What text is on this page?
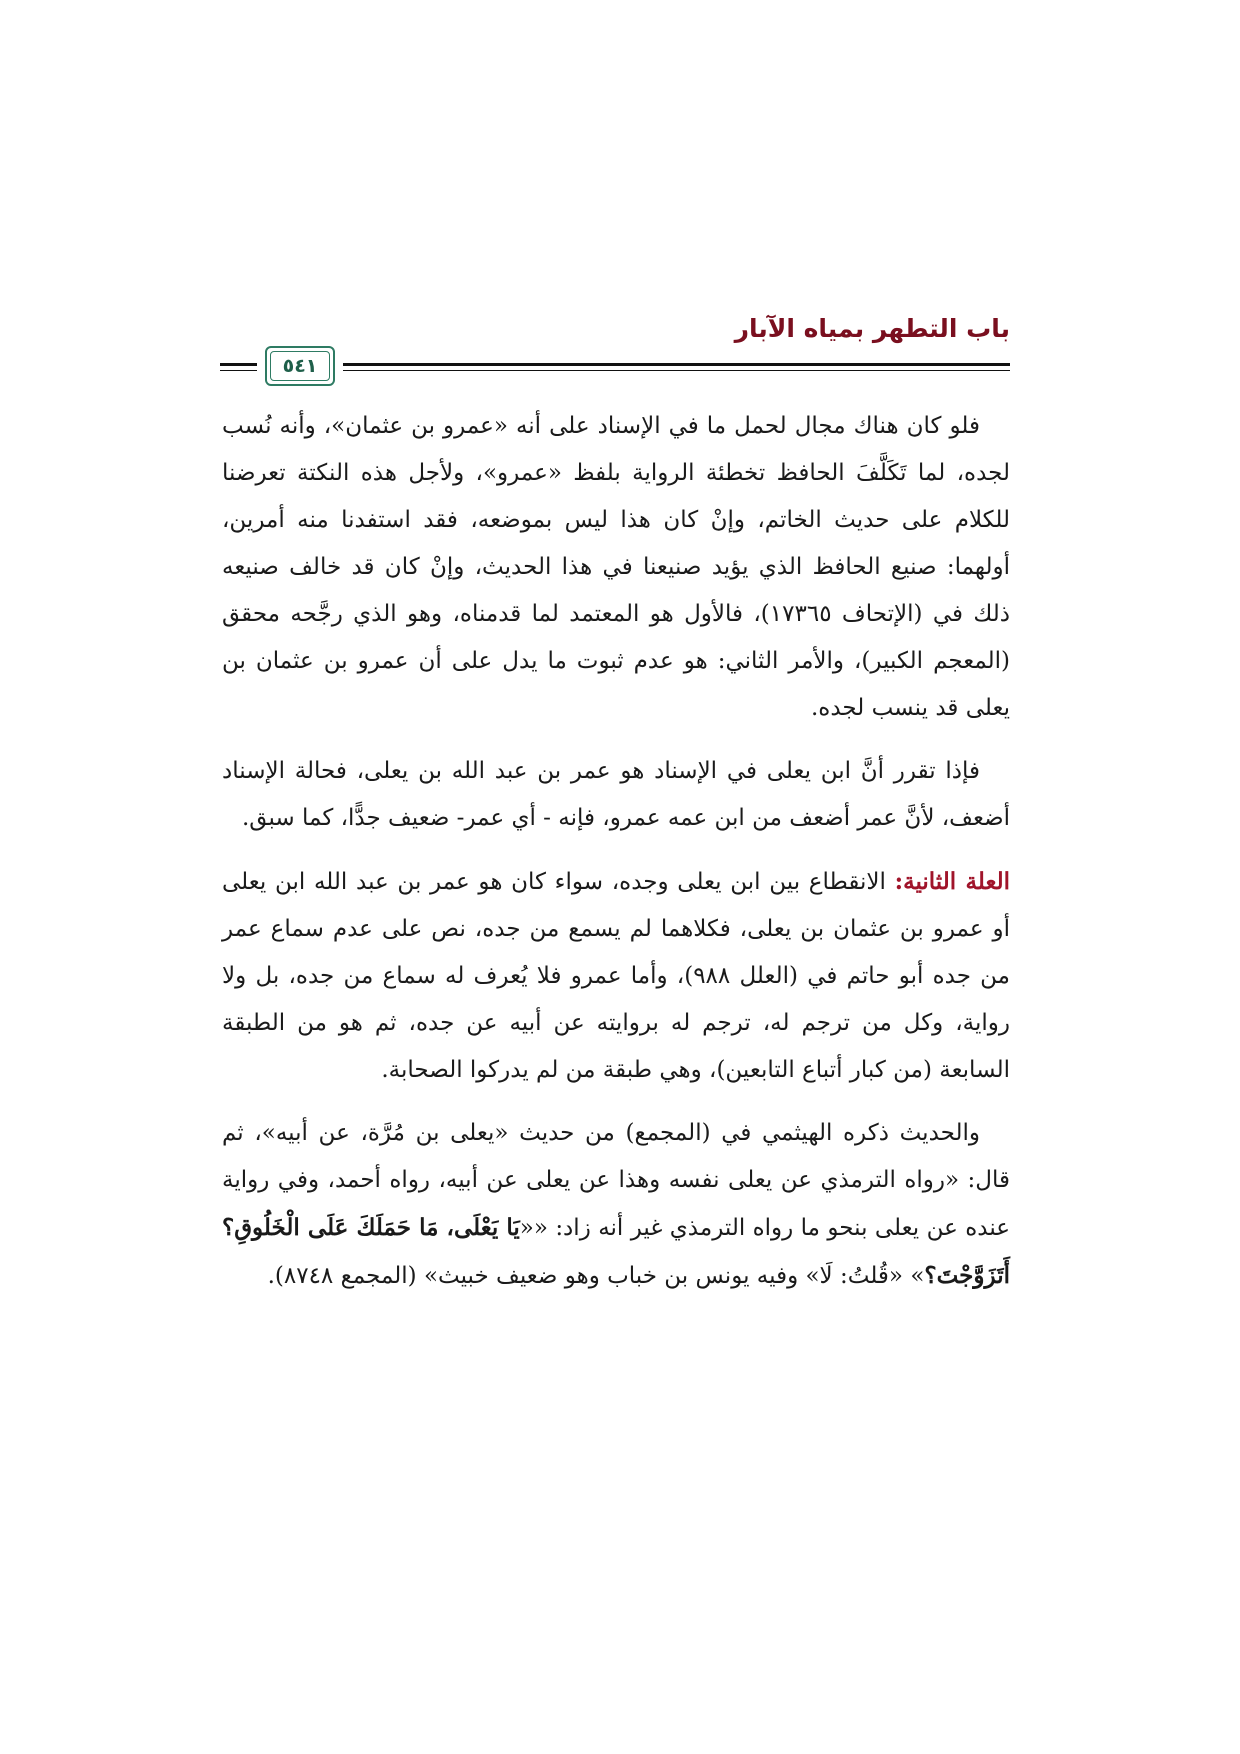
باب التطهر بمياه الآبار
٥٤١

فلو كان هناك مجال لحمل ما في الإسناد على أنه «عمرو بن عثمان»، وأنه نُسب لجده، لما تَكَلَّفَ الحافظ تخطئة الرواية بلفظ «عمرو»، ولأجل هذه النكتة تعرضنا للكلام على حديث الخاتم، وإنْ كان هذا ليس بموضعه، فقد استفدنا منه أمرين، أولهما: صنيع الحافظ الذي يؤيد صنيعنا في هذا الحديث، وإنْ كان قد خالف صنيعه ذلك في (الإتحاف ١٧٣٦٥)، فالأول هو المعتمد لما قدمناه، وهو الذي رجَّحه محقق (المعجم الكبير)، والأمر الثاني: هو عدم ثبوت ما يدل على أن عمرو بن عثمان بن يعلى قد ينسب لجده.

فإذا تقرر أنَّ ابن يعلى في الإسناد هو عمر بن عبد الله بن يعلى، فحالة الإسناد أضعف، لأنَّ عمر أضعف من ابن عمه عمرو، فإنه - أي عمر- ضعيف جدًّا، كما سبق.

العلة الثانية: الانقطاع بين ابن يعلى وجده، سواء كان هو عمر بن عبد الله ابن يعلى أو عمرو بن عثمان بن يعلى، فكلاهما لم يسمع من جده، نص على عدم سماع عمر من جده أبو حاتم في (العلل ٩٨٨)، وأما عمرو فلا يُعرف له سماع من جده، بل ولا رواية، وكل من ترجم له، ترجم له بروايته عن أبيه عن جده، ثم هو من الطبقة السابعة (من كبار أتباع التابعين)، وهي طبقة من لم يدركوا الصحابة.

والحديث ذكره الهيثمي في (المجمع) من حديث «يعلى بن مُرَّة، عن أبيه»، ثم قال: «رواه الترمذي عن يعلى نفسه وهذا عن يعلى عن أبيه، رواه أحمد، وفي رواية عنده عن يعلى بنحو ما رواه الترمذي غير أنه زاد: ««يَا يَعْلَى، مَا حَمَلَكَ عَلَى الْخَلُوقِ؟ أَتَزَوَّجْتَ؟» «قُلتُ: لَا» وفيه يونس بن خباب وهو ضعيف خبيث» (المجمع ٨٧٤٨).
